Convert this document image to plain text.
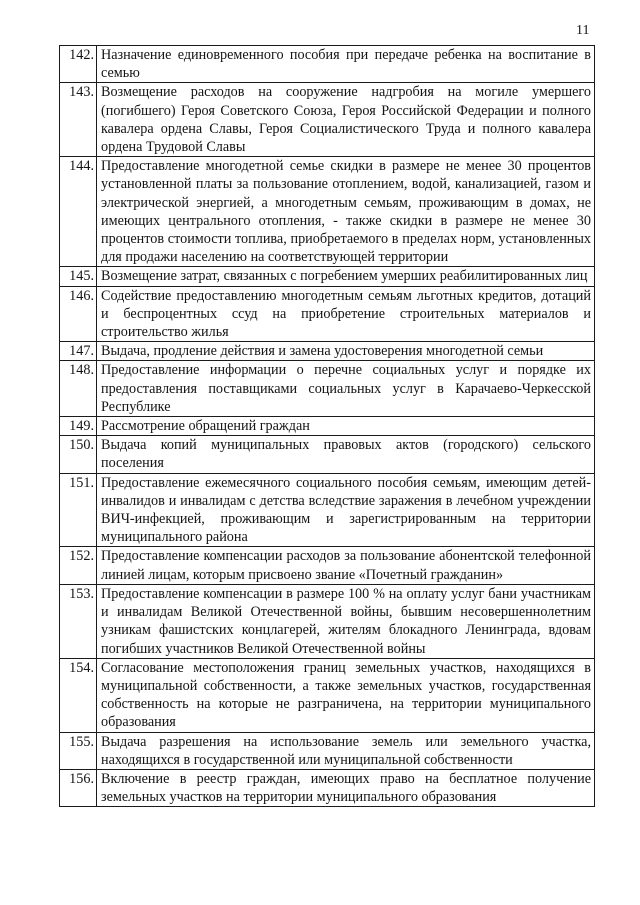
11
142.	Назначение единовременного пособия при передаче ребенка на воспитание в семью
143.	Возмещение расходов на сооружение надгробия на могиле умершего (погибшего) Героя Советского Союза, Героя Российской Федерации и полного кавалера ордена Славы, Героя Социалистического Труда и полного кавалера ордена Трудовой Славы
144.	Предоставление многодетной семье скидки в размере не менее 30 процентов установленной платы за пользование отоплением, водой, канализацией, газом и электрической энергией, а многодетным семьям, проживающим в домах, не имеющих центрального отопления, - также скидки в размере не менее 30 процентов стоимости топлива, приобретаемого в пределах норм, установленных для продажи населению на соответствующей территории
145.	Возмещение затрат, связанных с погребением умерших реабилитированных лиц
146.	Содействие предоставлению многодетным семьям льготных кредитов, дотаций и беспроцентных ссуд на приобретение строительных материалов и строительство жилья
147.	Выдача, продление действия и замена удостоверения многодетной семьи
148.	Предоставление информации о перечне социальных услуг и порядке их предоставления поставщиками социальных услуг в Карачаево-Черкесской Республике
149.	Рассмотрение обращений граждан
150.	Выдача копий муниципальных правовых актов (городского) сельского поселения
151.	Предоставление ежемесячного социального пособия семьям, имеющим детей-инвалидов и инвалидам с детства вследствие заражения в лечебном учреждении ВИЧ-инфекцией, проживающим и зарегистрированным на территории муниципального района
152.	Предоставление компенсации расходов за пользование абонентской телефонной линией лицам, которым присвоено звание «Почетный гражданин»
153.	Предоставление компенсации в размере 100 % на оплату услуг бани участникам и инвалидам Великой Отечественной войны, бывшим несовершеннолетним узникам фашистских концлагерей, жителям блокадного Ленинграда, вдовам погибших участников Великой Отечественной войны
154.	Согласование местоположения границ земельных участков, находящихся в муниципальной собственности, а также земельных участков, государственная собственность на которые не разграничена, на территории муниципального образования
155.	Выдача разрешения на использование земель или земельного участка, находящихся в государственной или муниципальной собственности
156.	Включение в реестр граждан, имеющих право на бесплатное получение земельных участков на территории муниципального образования
